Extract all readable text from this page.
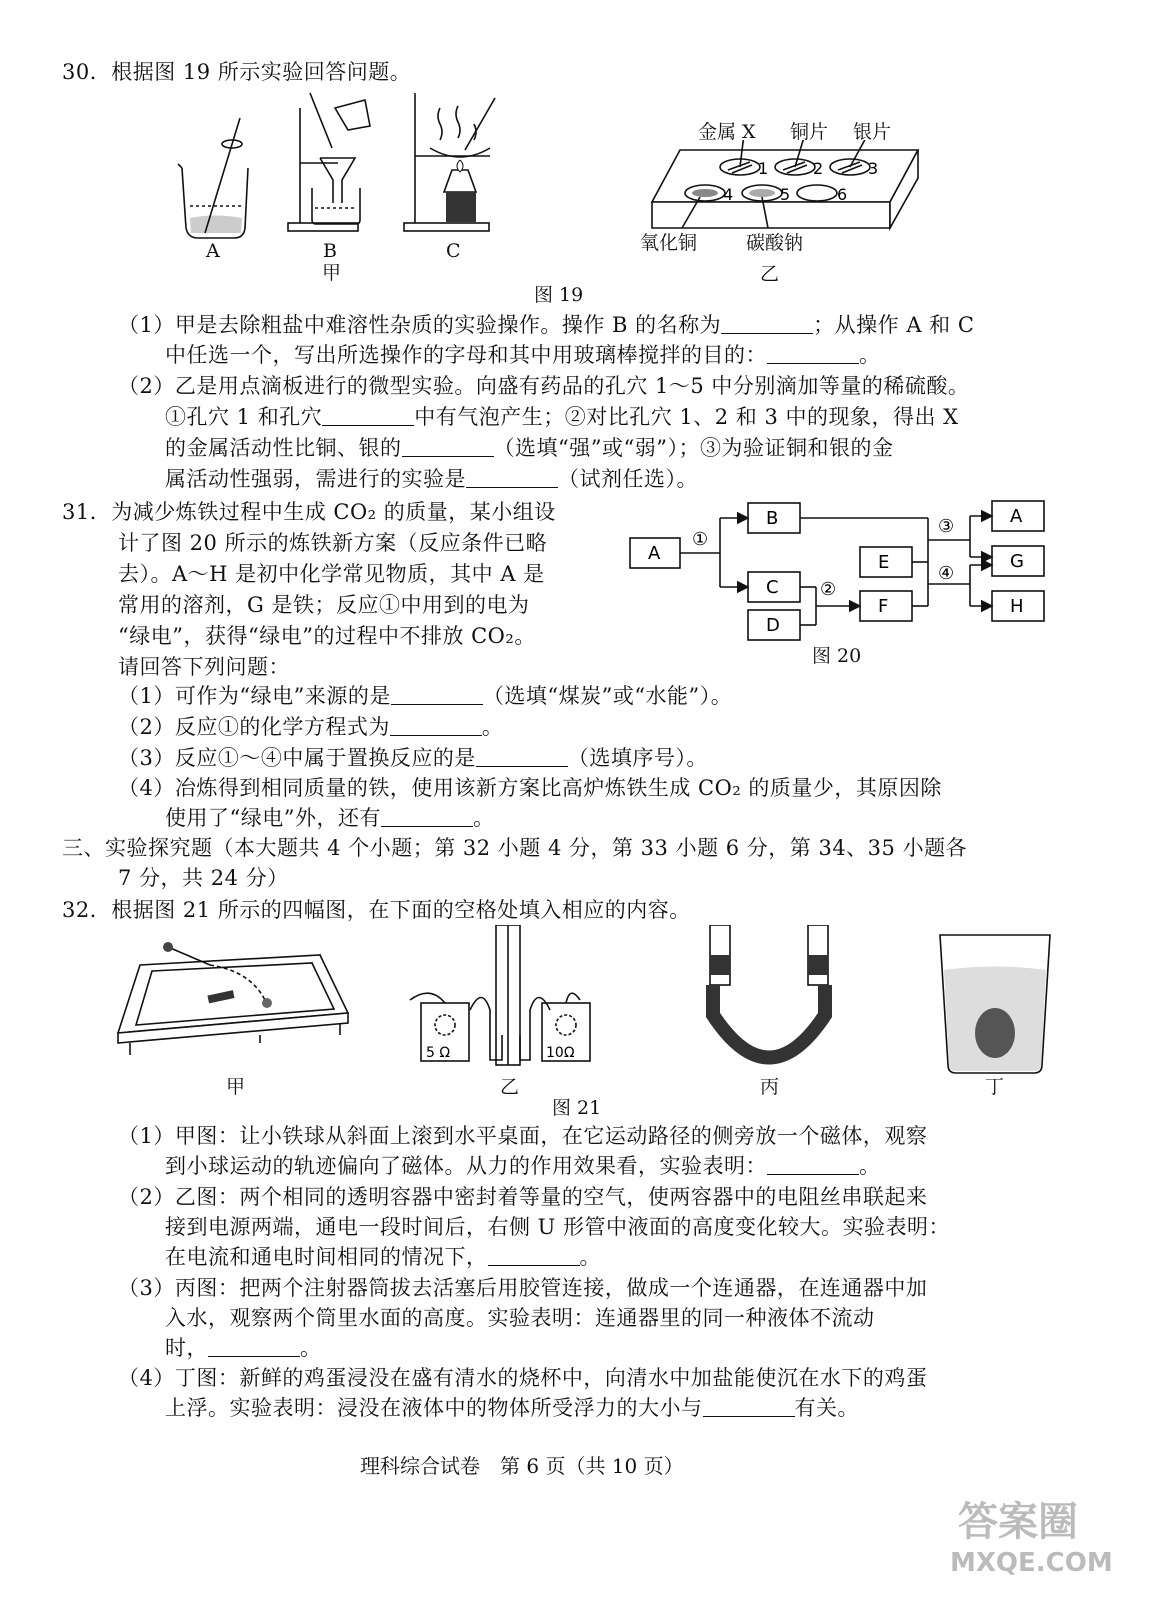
30．根据图 19 所示实验回答问题。
A	B	C
甲
金属 X 铜片 银片
1	2	3
4	5	6
氧化铜	碳酸钠
乙
图 19
（1）甲是去除粗盐中难溶性杂质的实验操作。操作 B 的名称为	；从操作 A 和 C
中任选一个，写出所选操作的字母和其中用玻璃棒搅拌的目的：	。
（2）乙是用点滴板进行的微型实验。向盛有药品的孔穴 1～5 中分别滴加等量的稀硫酸。
①孔穴 1 和孔穴	中有气泡产生；②对比孔穴 1、2 和 3 中的现象，得出 X
的金属活动性比铜、银的	（选填“强”或“弱”）；③为验证铜和银的金
属活动性强弱，需进行的实验是	（试剂任选）。
31．为减少炼铁过程中生成 CO₂ 的质量，某小组设
计了图 20 所示的炼铁新方案（反应条件已略
去）。A～H 是初中化学常见物质，其中 A 是
常用的溶剂，G 是铁；反应①中用到的电为
“绿电”，获得“绿电”的过程中不排放 CO₂。
请回答下列问题：
A
B
C
D
E
F
A
G
H
①
②
③
④
图 20
（1）可作为“绿电”来源的是	（选填“煤炭”或“水能”）。
（2）反应①的化学方程式为	。
（3）反应①～④中属于置换反应的是	（选填序号）。
（4）冶炼得到相同质量的铁，使用该新方案比高炉炼铁生成 CO₂ 的质量少，其原因除
使用了“绿电”外，还有	。
三、实验探究题（本大题共 4 个小题；第 32 小题 4 分，第 33 小题 6 分，第 34、35 小题各
7 分，共 24 分）
32．根据图 21 所示的四幅图，在下面的空格处填入相应的内容。
5 Ω	10Ω
甲	乙	丙	丁
图 21
（1）甲图：让小铁球从斜面上滚到水平桌面，在它运动路径的侧旁放一个磁体，观察
到小球运动的轨迹偏向了磁体。从力的作用效果看，实验表明：	。
（2）乙图：两个相同的透明容器中密封着等量的空气，使两容器中的电阻丝串联起来
接到电源两端，通电一段时间后，右侧 U 形管中液面的高度变化较大。实验表明：
在电流和通电时间相同的情况下，	。
（3）丙图：把两个注射器筒拔去活塞后用胶管连接，做成一个连通器，在连通器中加
入水，观察两个筒里水面的高度。实验表明：连通器里的同一种液体不流动
时，	。
（4）丁图：新鲜的鸡蛋浸没在盛有清水的烧杯中，向清水中加盐能使沉在水下的鸡蛋
上浮。实验表明：浸没在液体中的物体所受浮力的大小与	有关。
理科综合试卷　第 6 页（共 10 页）
答案圈
MXQE.COM
